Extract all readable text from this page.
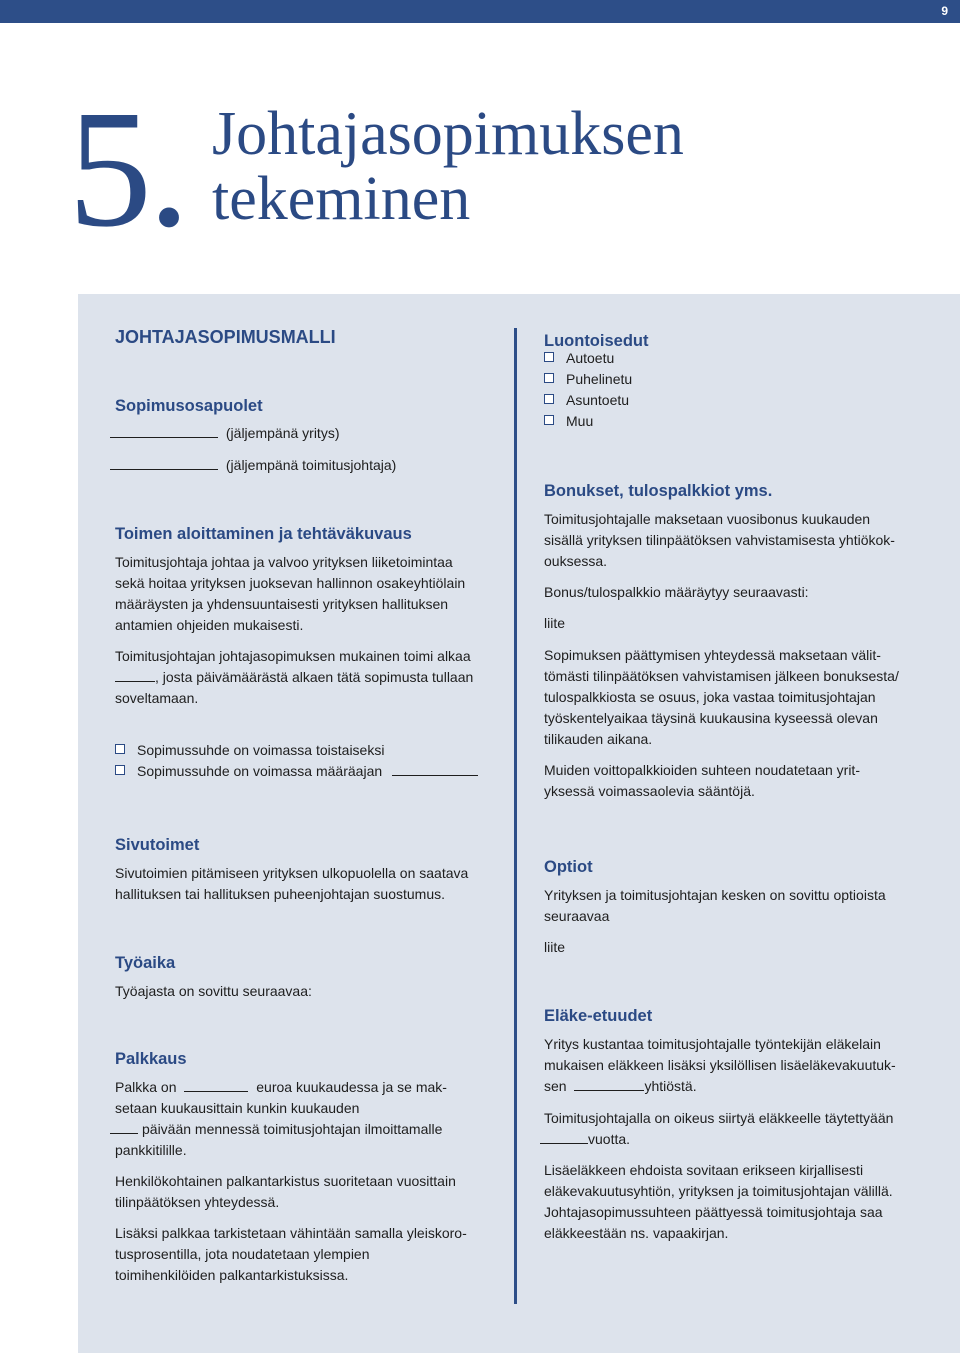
9
5. Johtajasopimuksen
tekeminen
JOHTAJASOPIMUSMALLI
Sopimusosapuolet
(jäljempänä yritys)
(jäljempänä toimitusjohtaja)
Toimen aloittaminen ja tehtäväkuvaus
Toimitusjohtaja johtaa ja valvoo yrityksen liiketoimintaa
sekä hoitaa yrityksen juoksevan hallinnon osakeyhtiölain
määräysten ja yhdensuuntaisesti yrityksen hallituksen
antamien ohjeiden mukaisesti.
Toimitusjohtajan johtajasopimuksen mukainen toimi alkaa
, josta päivämäärästä alkaen tätä sopimusta tullaan
soveltamaan.
Sopimussuhde on voimassa toistaiseksi
Sopimussuhde on voimassa määräajan
Sivutoimet
Sivutoimien pitämiseen yrityksen ulkopuolella on saatava
hallituksen tai hallituksen puheenjohtajan suostumus.
Työaika
Työajasta on sovittu seuraavaa:
Palkkaus
Palkka on	euroa kuukaudessa ja se mak-
setaan kuukausittain kunkin kuukauden
päivään mennessä toimitusjohtajan ilmoittamalle
pankkitilille.
Henkilökohtainen palkantarkistus suoritetaan vuosittain
tilinpäätöksen yhteydessä.
Lisäksi palkkaa tarkistetaan vähintään samalla yleiskoro-
tusprosentilla, jota noudatetaan ylempien
toimihenkilöiden palkantarkistuksissa.
Luontoisedut
Autoetu
Puhelinetu
Asuntoetu
Muu
Bonukset, tulospalkkiot yms.
Toimitusjohtajalle maksetaan vuosibonus kuukauden
sisällä yrityksen tilinpäätöksen vahvistamisesta yhtiökok-
ouksessa.
Bonus/tulospalkkio määräytyy seuraavasti:
liite
Sopimuksen päättymisen yhteydessä maksetaan välit-
tömästi tilinpäätöksen vahvistamisen jälkeen bonuksesta/
tulospalkkiosta se osuus, joka vastaa toimitusjohtajan
työskentelyaikaa täysinä kuukausina kyseessä olevan
tilikauden aikana.
Muiden voittopalkkioiden suhteen noudatetaan yrit-
yksessä voimassaolevia sääntöjä.
Optiot
Yrityksen ja toimitusjohtajan kesken on sovittu optioista
seuraavaa
liite
Eläke-etuudet
Yritys kustantaa toimitusjohtajalle työntekijän eläkelain
mukaisen eläkkeen lisäksi yksilöllisen lisäeläkevakuutuk-
sen	yhtiöstä.
Toimitusjohtajalla on oikeus siirtyä eläkkeelle täytettyään
vuotta.
Lisäeläkkeen ehdoista sovitaan erikseen kirjallisesti
eläkevakuutusyhtiön, yrityksen ja toimitusjohtajan välillä.
Johtajasopimussuhteen päättyessä toimitusjohtaja saa
eläkkeestään ns. vapaakirjan.
